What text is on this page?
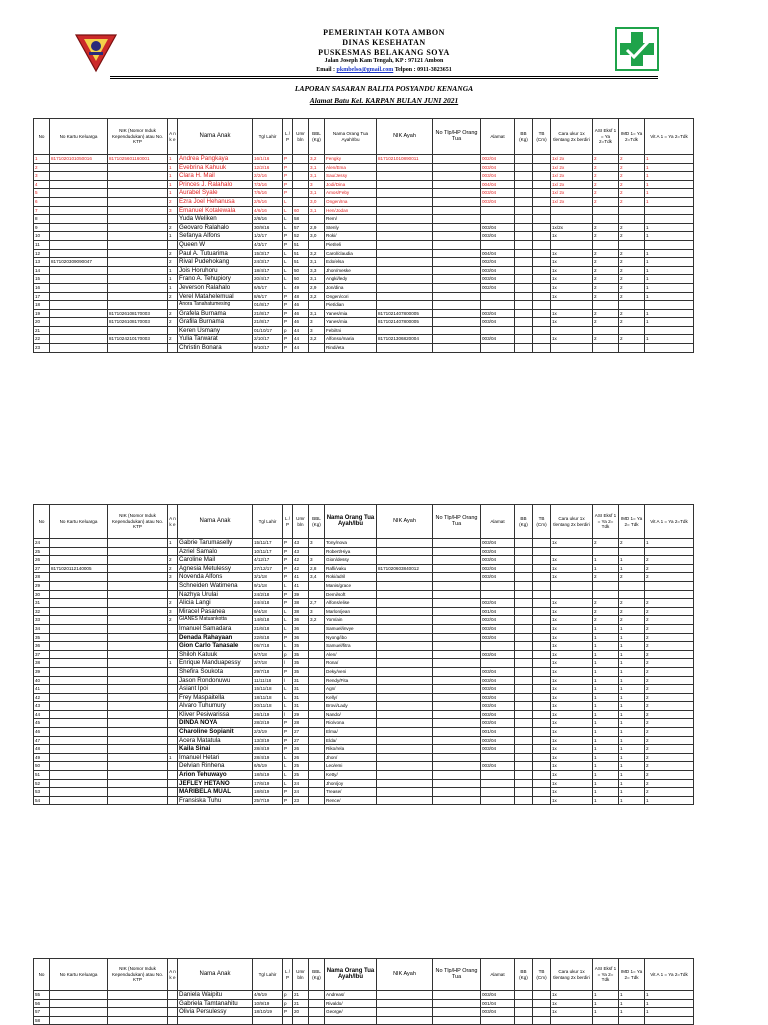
PEMERINTAH KOTA AMBON
DINAS KESEHATAN
PUSKESMAS BELAKANG SOYA
Jalan Joseph Kam Tengah, KP : 97121 Ambon
Email : pkmbelso@gmail.com Telpon : 0911-3823651
LAPORAN SASARAN BALITA POSYANDU KENANGA
Alamat Batu Kel. KARPAN BULAN JUNI 2021
No	No Kartu Keluarga	NIK (Nomor Induk Kependudukan) atau No. KTP	A n k e	Nama Anak	Tgl Lahir	L / P	Umr bln	BBL (Kg)	Nama Orang Tua Ayah/Ibu	NIK Ayah	No Tlp/HP Orang Tua	Alamat	BB (Kg)	TB (Cm)	Cara ukur 1x tlentang 2x berdiri	ASI Eksf 1 = Ya 2=Tdk	IMD 1= Ya 2=Tdk	Vit A 1 = Ya 2=Tdk
1	8171020101050016	8171025601160001	1	Andrea Pangkaya	16/1/16	P		3,2	Fengky	8171021010890011		002/04			1x/ 2x	2	2	1
2			1	Evebrina Kahuuk	12/2/16	P		3,1	Alen/Ema			003/04			1x/ 2x	2	2	1
3			1	Clara H. Mail	2/2/16	P		3,1	Sau/Jessy			003/04			1x/ 2x	2	2	1
4			1	Princes J. Ralahalo	7/3/16	P		3	Jodi/Dina			004/04			1x/ 2x	2	2	1
5			1	Aurabel Syale	7/5/16	P		3,1	Amos/Feby			003/04			1x/ 2x	2	2	1
6			2	Ezra Joel Hehanusa	2/5/16	L		3,0	Ongen/Ina			003/04			1x/ 2x	2	2	1
7			3	Emanuel Kotalewala	4/6/16	L	60	3,1	Hen/Jodan									
8				Yuda Weliken	2/8/16	L	58		Rem/									
9			2	Geovaro Ralahalo	30/9/16	L	57	2,9	Stenly			003/04			1x/2x	2	2	1
10			1	Sefanya Alfons	1/2/17	P	52	3,0	Roki/			003/04			1x	2	2	1
11				Queen W	4/3/17	P	51		Piet/Ieli									
12			2	Paul A. Tutuarima	15/3/17	L	51	3,2	Carol/claudia			004/04			1x	2	2	1
13	8171020309090047		2	Rival Pudehokang	24/3/17	L	51	3,1	Edo/elsa			002/04			1x	2	2	1
14			1	Jois Horuhoru	18/4/17	L	50	3,3	Jhon/meske			003/04			1x	2	2	1
15			1	Frano A. Tehupiory	20/4/17	L	50	3,1	Angki/ledy			003/04			1x	2	2	1
16			1	Jeverson Ralahalo	6/5/17	L	49	2,9	Jon/dina			002/04			1x	2	2	1
17			2	Verel Matahelemual	8/6/17	P	48	3,2	Ongen/cori						1x	2	2	1
18				Anora Tanahatumesing	01/8/17	P	46		Piet/dian									
19		8171026108170003	2	Grafela Burnama	21/8/17	P	46	3,1	Yanes/mia	8171021407800005		003/04			1x	2	2	1
20		8171026108170003	2	Grafila Burnama	21/8/17	P	46	3	Yanes/mia	8171021407800005		003/04			1x	2	2	1
21				Keren Usmany	01/10/17	p	44	3	Febi/tni									
22		8171024210170003	2	Yulia Tarwarat	2/10/17	P	44	3,2	Alfonso/maria	8171021306820004		003/04			1x	2	2	1
23				Christin Bonara	9/10/17	P	44		Rindi/eta									
No	No Kartu Keluarga	NIK (Nomor Induk Kependudukan) atau No. KTP	A n k e	Nama Anak	Tgl Lahir	L / P	Umr bln	BBL (Kg)	Nama Orang Tua Ayah/Ibu	NIK Ayah	No Tlp/HP Orang Tua	Alamat	BB (Kg)	TB (Cm)	Cara ukur 1x tlentang 2x berdiri	ASI Eksf 1 = Ya 2= Tdk	IMD 1= Ya 2= Tdk	Vit A 1 = Ya 2=Tdk
24			1	Gabrie Tarumaselly	15/11/17	P	43	3	Tony/nova			003/04			1x	2	2	1
25				Azriel Samalo	10/11/17	P	43		Robert/Hiya			003/04						
26			2	Caroline Mail	4/12/17	P	42	3	Gion/dessy			003/04			1x	1	1	2
27	8171020112140005		2	Agnesia Metulessy	27/12/17	P	42	2,8	Rafli/vaku	8171020603840012		002/04			1x	1	1	2
28			3	Novenda Alfons	3/1/18	P	41	3,4	Roki/adril			003/04			1x	2	2	2
29				Schneiden Watimena	9/1/18	L	41		Manis/grace									
30				Nazhya Urulai	24/2/18	P	39		Demi/soft									
31			2	Alicia Langi	24/4/18	P	38	2,7	Alfons/elise			002/04			1x	2	2	2
32			3	Miracel Pasanea	9/4/18	L	38	3	Marlon/jean			001/04			1x	2	2	2
33			2	GIANES Matuankotta	14/6/18	L	36	3,2	Yom/ain			002/04			1x	2	2	2
34				Imanuel Samadara	21/6/18	L	36		Samuel/invye			003/04			1x	1	1	2
35				Denada Rahayaan	22/6/18	P	36		Nyong/ibo			003/04			1x	1	1	2
36				Gion Carlo Tanasale	05/7/18	L	35		Samuel/fitra						1x	1	1	2
37				Shiloh Katuuk	6/7/18	p	35		Alen/			003/04			1x	1	1	2
38			1	Enrique Manduapessy	3/7/18	l	35		Rona/						1x	1	1	2
39				Shefira Soukota	29/7/18	P	35		Deky/veni			003/04			1x	1	1	2
40				Jason Rondonuwu	11/11/18	l	31		Rendy/Fita			003/04			1x	1	1	2
41				Asiant Ipoi	15/11/18	L	31		Agn/			003/04			1x	1	1	2
42				Frey Maspaitella	18/11/18	L	31		Kelly/			003/04			1x	1	1	2
43				Alvaro Tuhumury	20/11/18	L	31		Brovi/Lady			003/04			1x	1	1	2
44				Kliver Pesiwarissa	26/1/19	l	29		Nando/			003/04			1x	1	1	2
45				DINDA NOYA	28/2/19	P	28		Rio/vona			003/04			1x	1	1	2
46				Charoline Sopianit	2/3/19	P	27		Elma/			001/04			1x	1	1	2
47				Acera Matatula	13/3/19	P	27		Elda/			003/04			1x	1	1	2
48				Kaila Sinai	28/4/19	P	26		Riko/rela			003/04			1x	1	1	2
49			1	Imanuel Hetari	28/4/19	L	26		Jhon/						1x	1	1	2
50				Delvian Rinhena	6/5/19	L	25		Leo/emi			003/04			1x	1	1	2
51				Arion Tehuwayo	18/5/19	L	25		Ketty/						1x	1	1	2
52				JEFLEY HETANO	17/6/19	L	24		Jhon/joy						1x	1	1	2
53				MARIBELA MUAL	18/6/19	P	24		Trease/						1x	1	1	2
54				Fransiska Tuhu	25/7/19	P	23		Rence/						1x	1	1	1
No	No Kartu Keluarga	NIK (Nomor Induk Kependudukan) atau No. KTP	A n k e	Nama Anak	Tgl Lahir	L / P	Umr bln	BBL (Kg)	Nama Orang Tua Ayah/Ibu	NIK Ayah	No Tlp/HP Orang Tua	Alamat	BB (Kg)	TB (Cm)	Cara ukur 1x tlentang 2x berdiri	ASI Eksf 1 = Ya 2= Tdk	IMD 1= Ya 2= Tdk	Vit A 1 = Ya 2=Tdk
55				Daniela Waipitu	4/9/19	p	21		Andreas/			003/04			1x	1	1	1
56				Gabriela Tamtanahitu	10/9/19	p	21		Rivaldo/			001/04			1x	1	1	1
57				Olivia Persulessy	18/10/19	P	20		George/			003/04			1x	1	1	1
58																		
